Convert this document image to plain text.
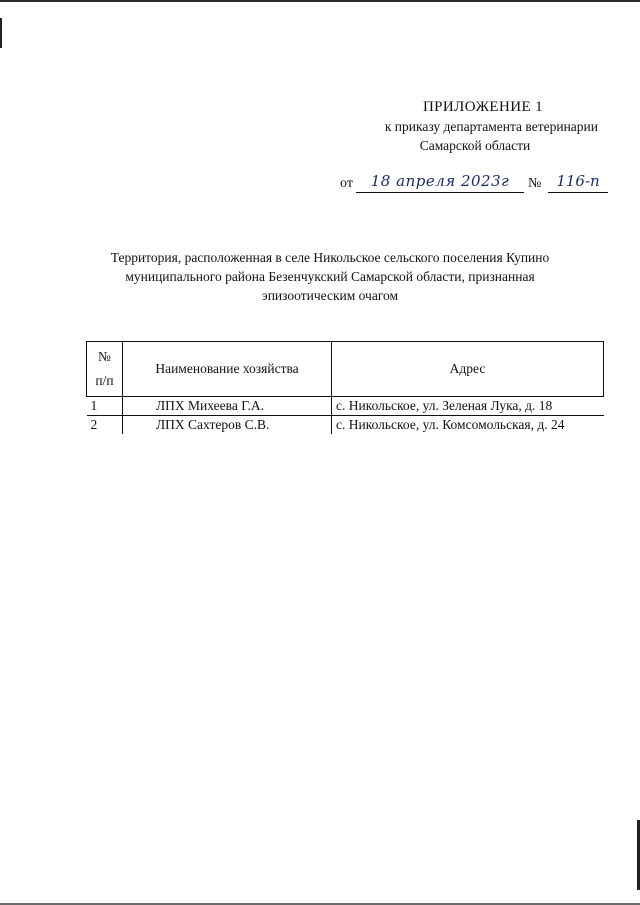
ПРИЛОЖЕНИЕ 1
к приказу департамента ветеринарии
Самарской области
от	18 апреля 2023г	№ 116-п
Территория, расположенная в селе Никольское сельского поселения Купино
муниципального района Безенчукский Самарской области, признанная
эпизоотическим очагом
№
п/п	Наименование хозяйства	Адрес
1	ЛПХ Михеева Г.А.	с. Никольское, ул. Зеленая Лука, д. 18
2	ЛПХ Сахтеров С.В.	с. Никольское, ул. Комсомольская, д. 24
